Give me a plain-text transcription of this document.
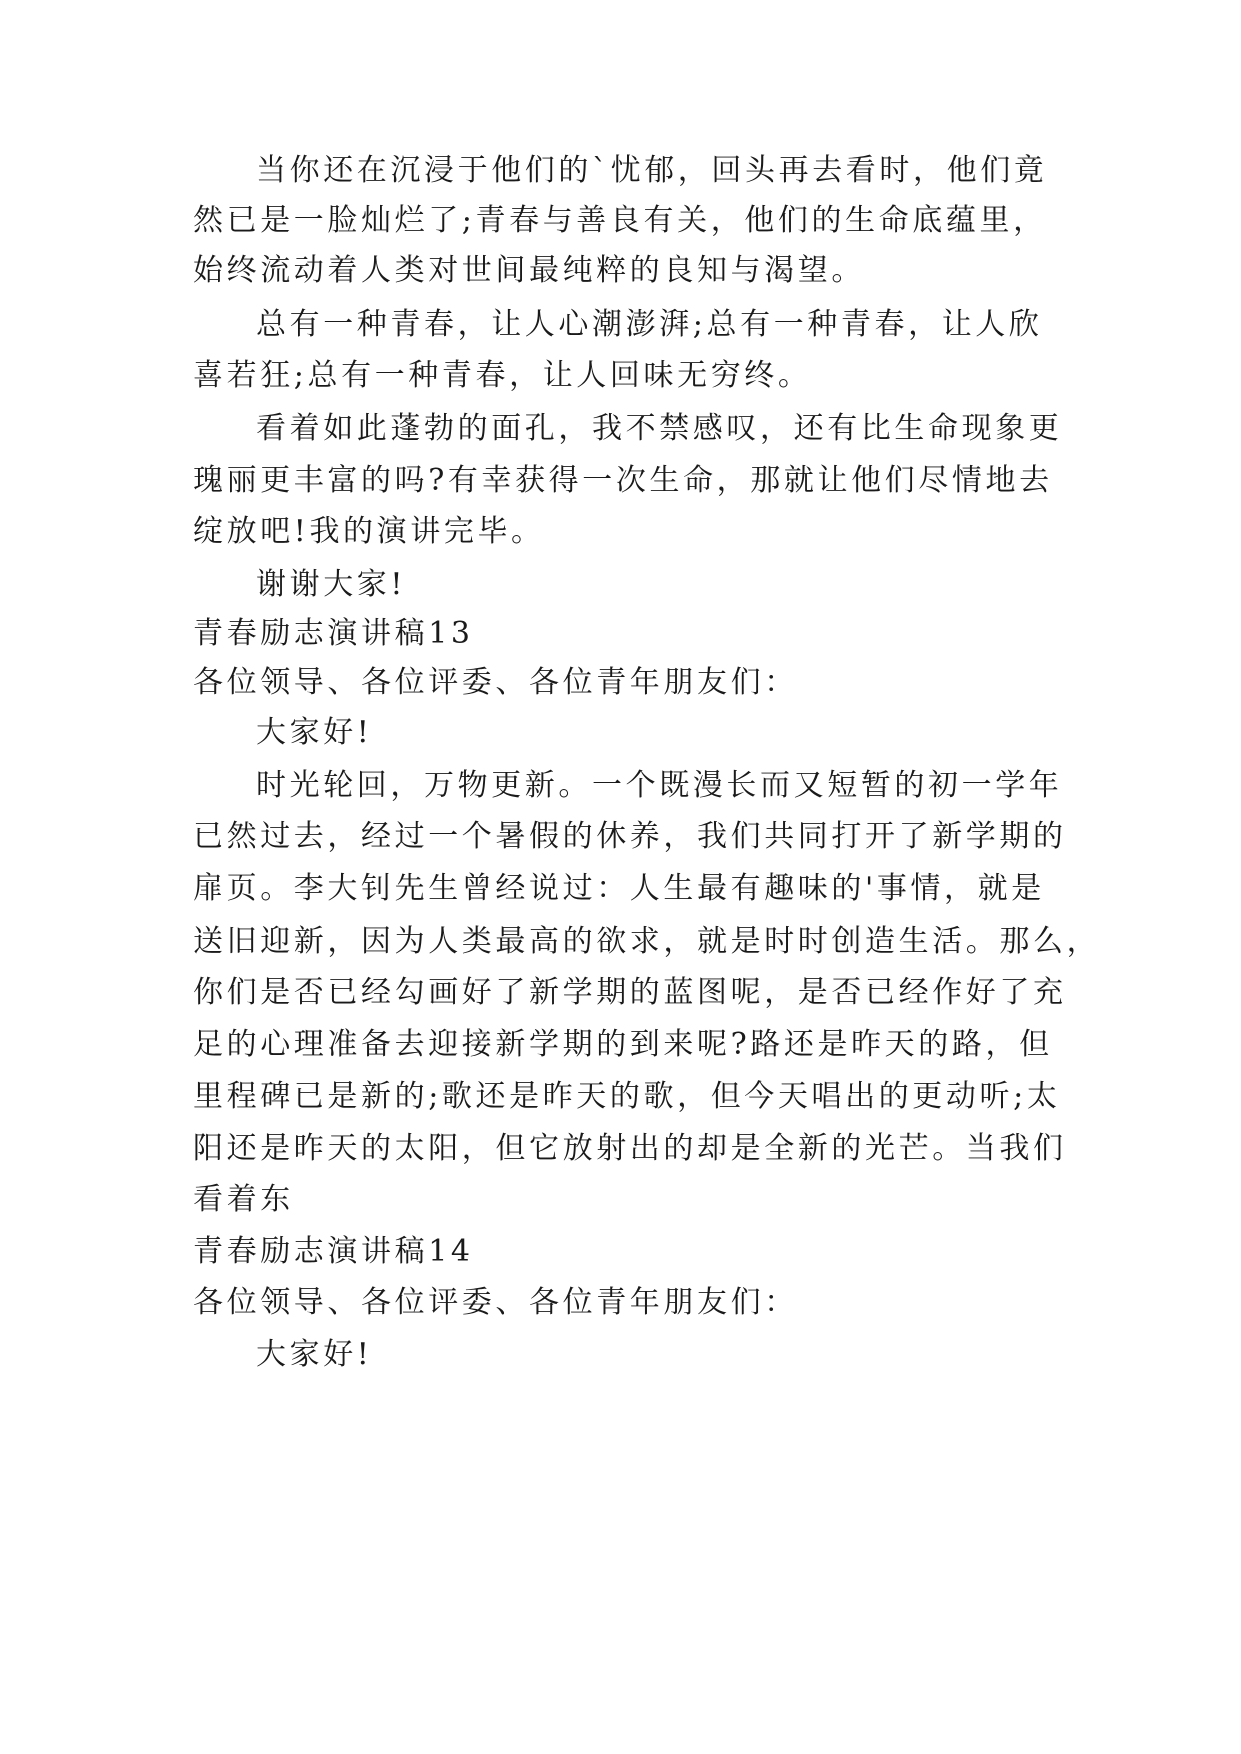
当你还在沉浸于他们的`忧郁，回头再去看时，他们竟
然已是一脸灿烂了;青春与善良有关，他们的生命底蕴里，
始终流动着人类对世间最纯粹的良知与渴望。
总有一种青春，让人心潮澎湃;总有一种青春，让人欣
喜若狂;总有一种青春，让人回味无穷终。
看着如此蓬勃的面孔，我不禁感叹，还有比生命现象更
瑰丽更丰富的吗?有幸获得一次生命，那就让他们尽情地去
绽放吧!我的演讲完毕。
谢谢大家!
青春励志演讲稿13
各位领导、各位评委、各位青年朋友们：
大家好!
时光轮回，万物更新。一个既漫长而又短暂的初一学年
已然过去，经过一个暑假的休养，我们共同打开了新学期的
扉页。李大钊先生曾经说过：人生最有趣味的'事情，就是
送旧迎新，因为人类最高的欲求，就是时时创造生活。那么，
你们是否已经勾画好了新学期的蓝图呢，是否已经作好了充
足的心理准备去迎接新学期的到来呢?路还是昨天的路，但
里程碑已是新的;歌还是昨天的歌，但今天唱出的更动听;太
阳还是昨天的太阳，但它放射出的却是全新的光芒。当我们
看着东
青春励志演讲稿14
各位领导、各位评委、各位青年朋友们：
大家好!
